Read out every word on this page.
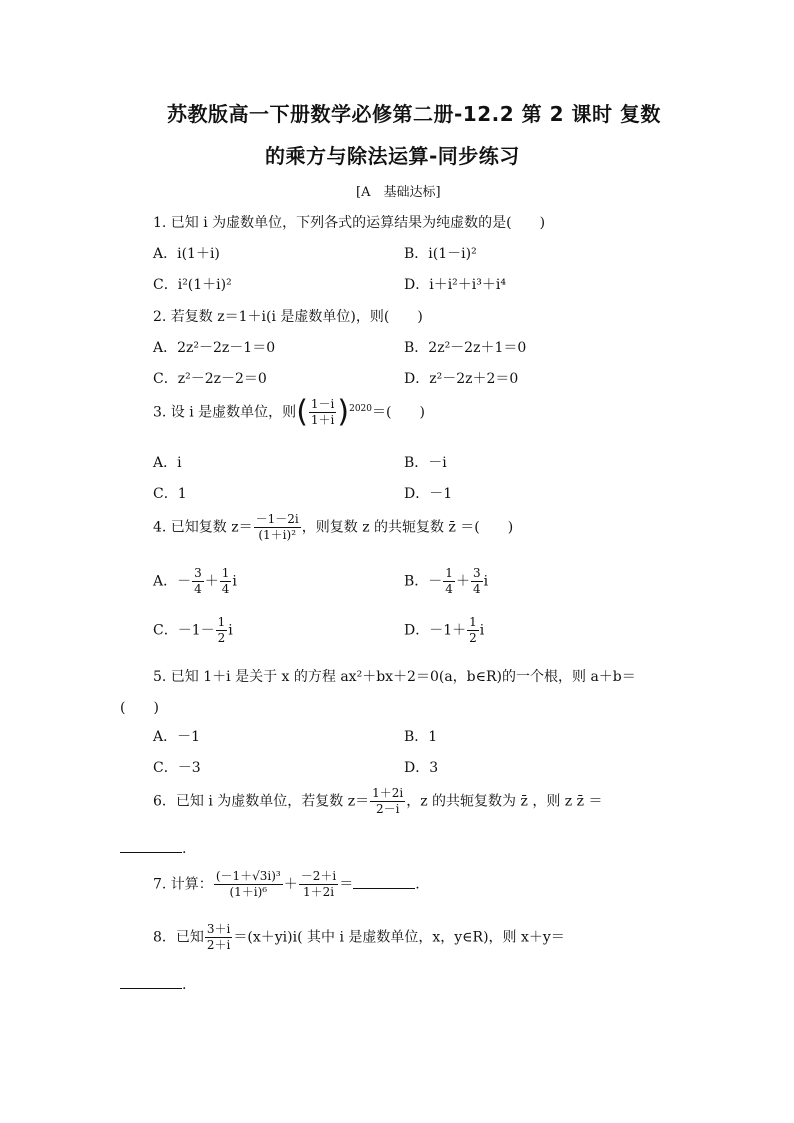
苏教版高一下册数学必修第二册-12.2 第 2 课时 复数
的乘方与除法运算-同步练习
[A　基础达标]
1. 已知 i 为虚数单位，下列各式的运算结果为纯虚数的是(　　)
A．i(1＋i)	B．i(1－i)²
C．i²(1＋i)²	D．i＋i²＋i³＋i⁴
2. 若复数 z＝1＋i(i 是虚数单位)，则(　　)
A．2z²－2z－1＝0	B．2z²－2z＋1＝0
C．z²－2z－2＝0	D．z²－2z＋2＝0
3. 设 i 是虚数单位，则( $\frac{1-i}{1+i} )^{2020}=$(　　)
A．i	B．－i
C．1	D．－1
4. 已知复数 $z= \frac{-1-2i}{\text{(1＋i)²}}$ ，则复数 z 的共轭复数 z̄ ＝(　　)
A．－ $\frac{3}{4} + \frac{1}{4}$ i	B．－ $\frac{1}{4} + \frac{3}{4}$ i
C．$-1- \frac{1}{2}$ i	D．$-1+ \frac{1}{2}$ i
5. 已知 1＋i 是关于 x 的方程 ax²＋bx＋2＝0(a，b∈R)的一个根，则 a＋b＝
(　　)
A．－1	B．1
C．－3	D．3
6．已知 i 为虚数单位，若复数 $z= \frac{1+2i}{2-i}$ ，z 的共轭复数为 z̄ ，则 z z̄ ＝
.
7. 计算： $\frac{\text{(－1＋√3i)³}}{\text{(1＋i)⁶}} + \frac{-2+i}{1+2i}$ ＝	.
8．已知 $\frac{3+i}{2+i} =(x+yi)i$( 其中 i 是虚数单位，x，y∈R)，则 x＋y＝
.
